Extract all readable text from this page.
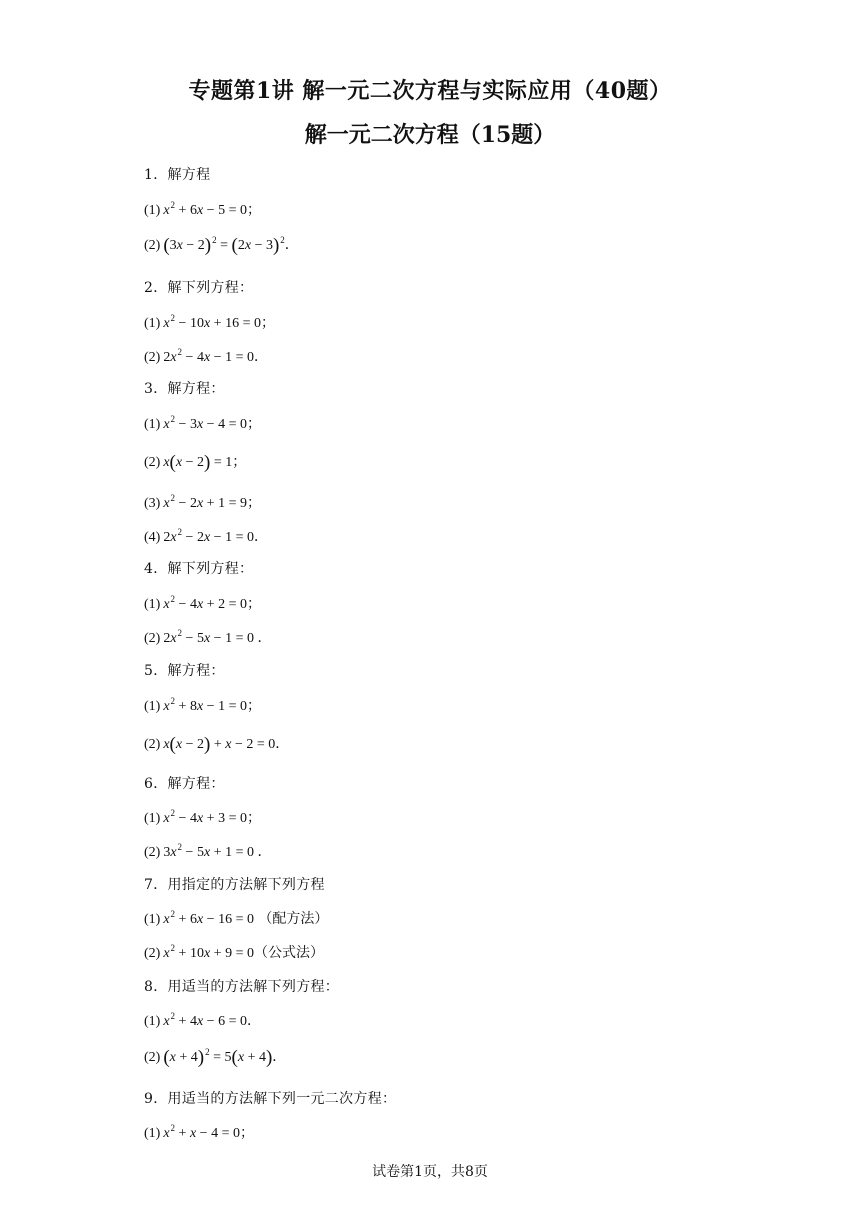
专题第1讲 解一元二次方程与实际应用（40题）
解一元二次方程（15题）
1．解方程
(1) $x^2 + 6x - 5 = 0$；
(2) $(3x - 2)^2 = (2x - 3)^2$．
2．解下列方程：
(1) $x^2 - 10x + 16 = 0$；
(2) $2x^2 - 4x - 1 = 0$．
3．解方程：
(1) $x^2 - 3x - 4 = 0$；
(2) x(x − 2) = 1；
(3) $x^2 - 2x + 1 = 9$；
(4) $2x^2 - 2x - 1 = 0$．
4．解下列方程：
(1) $x^2 - 4x + 2 = 0$；
(2) $2x^2 - 5x - 1 = 0$ ．
5．解方程：
(1) $x^2 + 8x - 1 = 0$；
(2) x(x − 2) + x − 2 = 0．
6．解方程：
(1) $x^2 - 4x + 3 = 0$；
(2) $3x^2 - 5x + 1 = 0$ ．
7．用指定的方法解下列方程
(1) $x^2 + 6x - 16 = 0$ （配方法）
(2) $x^2 + 10x + 9 = 0$（公式法）
8．用适当的方法解下列方程：
(1) $x^2 + 4x - 6 = 0$．
(2) $(x + 4)^2 = 5(x + 4)$．
9．用适当的方法解下列一元二次方程：
(1) $x^2 + x - 4 = 0$；
试卷第1页，共8页
